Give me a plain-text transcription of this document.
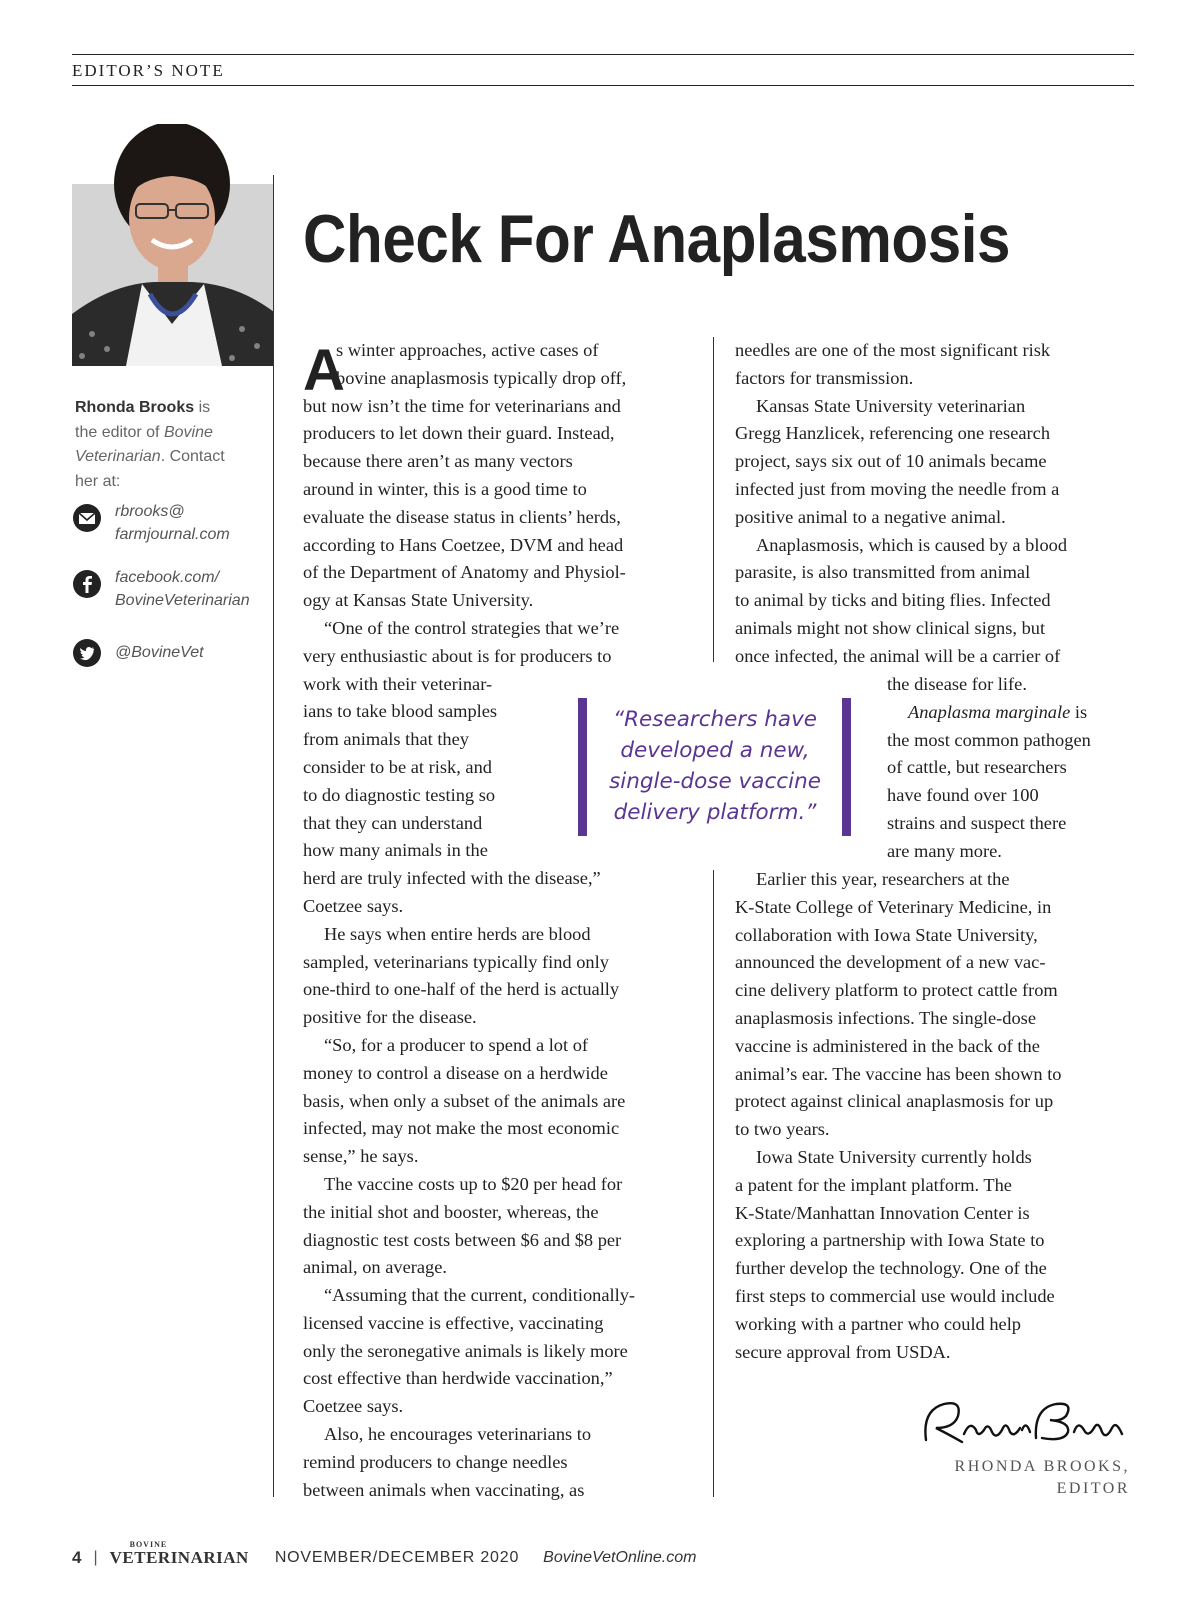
EDITOR’S NOTE
Rhonda Brooks is
the editor of Bovine
Veterinarian. Contact
her at:
rbrooks@
farmjournal.com
facebook.com/
BovineVeterinarian
@BovineVet
Check For Anaplasmosis
A
s winter approaches, active cases of
bovine anaplasmosis typically drop off,
but now isn’t the time for veterinarians and
producers to let down their guard. Instead,
because there aren’t as many vectors
around in winter, this is a good time to
evaluate the disease status in clients’ herds,
according to Hans Coetzee, DVM and head
of the Department of Anatomy and Physiol-
ogy at Kansas State University.
“One of the control strategies that we’re
very enthusiastic about is for producers to
work with their veterinar-
ians to take blood samples
from animals that they
consider to be at risk, and
to do diagnostic testing so
that they can understand
how many animals in the
herd are truly infected with the disease,”
Coetzee says.
He says when entire herds are blood
sampled, veterinarians typically find only
one-third to one-half of the herd is actually
positive for the disease.
“So, for a producer to spend a lot of
money to control a disease on a herdwide
basis, when only a subset of the animals are
infected, may not make the most economic
sense,” he says.
The vaccine costs up to $20 per head for
the initial shot and booster, whereas, the
diagnostic test costs between $6 and $8 per
animal, on average.
“Assuming that the current, conditionally-
licensed vaccine is effective, vaccinating
only the seronegative animals is likely more
cost effective than herdwide vaccination,”
Coetzee says.
Also, he encourages veterinarians to
remind producers to change needles
between animals when vaccinating, as
needles are one of the most significant risk
factors for transmission.
Kansas State University veterinarian
Gregg Hanzlicek, referencing one research
project, says six out of 10 animals became
infected just from moving the needle from a
positive animal to a negative animal.
Anaplasmosis, which is caused by a blood
parasite, is also transmitted from animal
to animal by ticks and biting flies. Infected
animals might not show clinical signs, but
once infected, the animal will be a carrier of
the disease for life.
Anaplasma marginale is
the most common pathogen
of cattle, but researchers
have found over 100
strains and suspect there
are many more.
Earlier this year, researchers at the
K-State College of Veterinary Medicine, in
collaboration with Iowa State University,
announced the development of a new vac-
cine delivery platform to protect cattle from
anaplasmosis infections. The single-dose
vaccine is administered in the back of the
animal’s ear. The vaccine has been shown to
protect against clinical anaplasmosis for up
to two years.
Iowa State University currently holds
a patent for the implant platform. The
K-State/Manhattan Innovation Center is
exploring a partnership with Iowa State to
further develop the technology. One of the
first steps to commercial use would include
working with a partner who could help
secure approval from USDA.
“Researchers have
developed a new,
single-dose vaccine
delivery platform.”
RHONDA BROOKS,
EDITOR
4 |
BOVINE
VETERINARIAN NOVEMBER/DECEMBER 2020 BovineVetOnline.com
